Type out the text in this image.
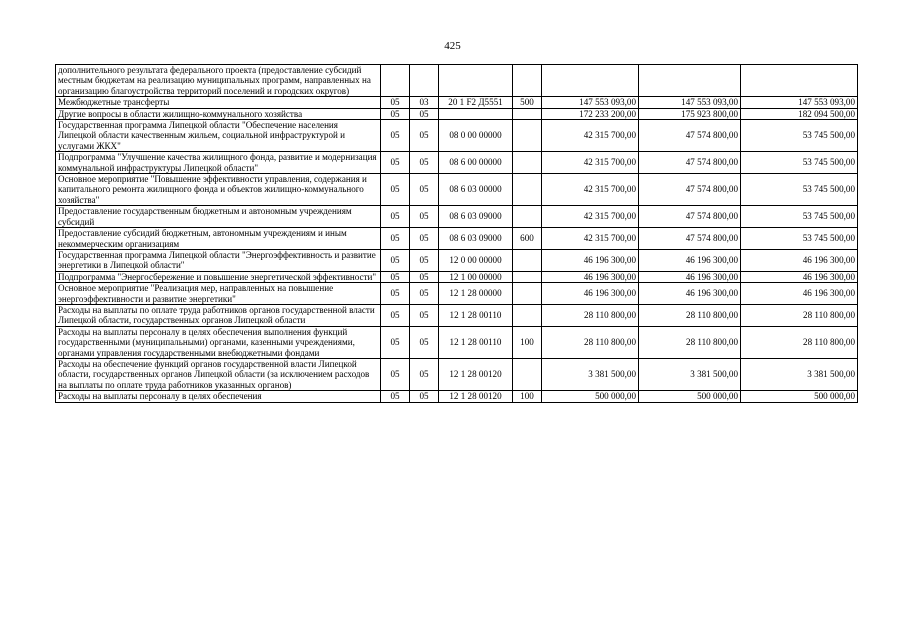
425
дополнительного результата федерального проекта (предоставление субсидий местным бюджетам на реализацию муниципальных программ, направленных на организацию благоустройства территорий поселений и городских округов)							
Межбюджетные трансферты	05	03	20 1 F2 Д5551	500	147 553 093,00	147 553 093,00	147 553 093,00
Другие вопросы в области жилищно-коммунального хозяйства	05	05			172 233 200,00	175 923 800,00	182 094 500,00
Государственная программа Липецкой области "Обеспечение населения Липецкой области качественным жильем, социальной инфраструктурой и услугами ЖКХ"	05	05	08 0 00 00000		42 315 700,00	47 574 800,00	53 745 500,00
Подпрограмма "Улучшение качества жилищного фонда, развитие и модернизация коммунальной инфраструктуры Липецкой области"	05	05	08 6 00 00000		42 315 700,00	47 574 800,00	53 745 500,00
Основное мероприятие "Повышение эффективности управления, содержания и капитального ремонта жилищного фонда и объектов жилищно-коммунального хозяйства"	05	05	08 6 03 00000		42 315 700,00	47 574 800,00	53 745 500,00
Предоставление государственным бюджетным и автономным учреждениям субсидий	05	05	08 6 03 09000		42 315 700,00	47 574 800,00	53 745 500,00
Предоставление субсидий бюджетным, автономным учреждениям и иным некоммерческим организациям	05	05	08 6 03 09000	600	42 315 700,00	47 574 800,00	53 745 500,00
Государственная программа Липецкой области "Энергоэффективность и развитие энергетики в Липецкой области"	05	05	12 0 00 00000		46 196 300,00	46 196 300,00	46 196 300,00
Подпрограмма "Энергосбережение и повышение энергетической эффективности"	05	05	12 1 00 00000		46 196 300,00	46 196 300,00	46 196 300,00
Основное мероприятие "Реализация мер, направленных на повышение энергоэффективности и развитие энергетики"	05	05	12 1 28 00000		46 196 300,00	46 196 300,00	46 196 300,00
Расходы на выплаты по оплате труда работников органов государственной власти Липецкой области, государственных органов Липецкой области	05	05	12 1 28 00110		28 110 800,00	28 110 800,00	28 110 800,00
Расходы на выплаты персоналу в целях обеспечения выполнения функций государственными (муниципальными) органами, казенными учреждениями, органами управления государственными внебюджетными фондами	05	05	12 1 28 00110	100	28 110 800,00	28 110 800,00	28 110 800,00
Расходы на обеспечение функций органов государственной власти Липецкой области, государственных органов Липецкой области (за исключением расходов на выплаты по оплате труда работников указанных органов)	05	05	12 1 28 00120		3 381 500,00	3 381 500,00	3 381 500,00
Расходы на выплаты персоналу в целях обеспечения	05	05	12 1 28 00120	100	500 000,00	500 000,00	500 000,00
